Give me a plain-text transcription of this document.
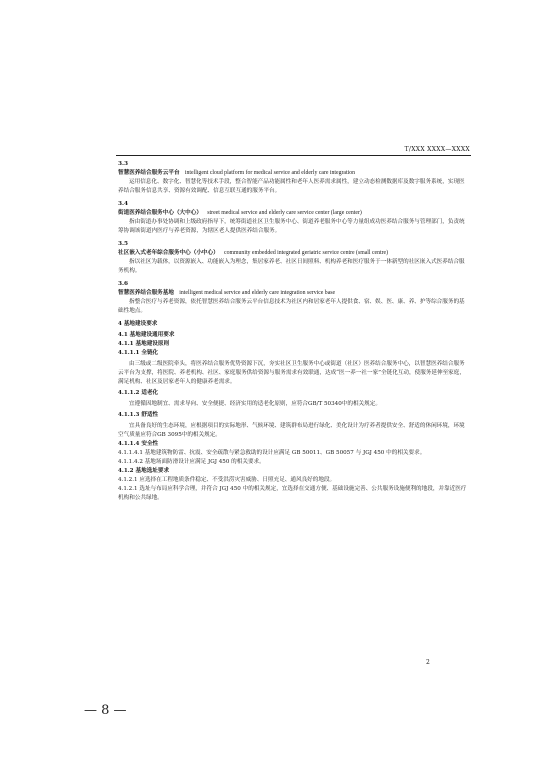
T/XXX XXXX—XXXX

3.3

智慧医养结合服务云平台 intelligent cloud platform for medical service and elderly care integration

运用信息化、数字化、智慧化等技术手段，整合智能产品功能属性和老年人医养需求属性，建立动态检测数据库及数字服务系统，实现医养结合服务信息共享、资源有效调配、信息互联互通的服务平台。

3.4

街道医养结合服务中心（大中心） street medical service and elderly care service center (large center)

指由街道办事处协调和上级政府指导下，统筹街道社区卫生服务中心、街道养老服务中心等力量组成功医养结合服务与管理部门，负责统筹协调该街道内医疗与养老资源，为辖区老人提供医养结合服务。

3.5

社区嵌入式老年综合服务中心（小中心） community embedded integrated geriatric service centre (small centre)

指以社区为载体，以资源嵌入、功能嵌入为理念，集居家养老、社区日间照料、机构养老和医疗服务于一体新型的社区嵌入式医养结合服务机构。

3.6

智慧医养结合服务基地 intelligent medical service and elderly care integration service base

指整合医疗与养老资源，依托智慧医养结合服务云平台信息技术为社区内和居家老年人提供食、宿、娱、医、康、养、护等综合服务的基础性地点。

4 基地建设要求

4.1 基地建设通用要求

4.1.1 基地建设原则

4.1.1.1 全链化

由三级或二级医院牵头，将医养结合服务优势资源下沉，夯实社区卫生服务中心或街道（社区）医养结合服务中心，以智慧医养结合服务云平台为支撑，将医院、养老机构、社区、家庭服务供给资源与服务需求有效联通，达成“医一养一社一家”全链化互动，使服务延伸至家庭，满足机构、社区及居家老年人的健康养老需求。

4.1.1.2 适老化

宜遵循因地制宜、需求导向、安全便捷、经济实用的适老化原则，应符合GB/T 50340中的相关规定。

4.1.1.3 舒适性

宜具备良好的生态环境，应根据项目的实际地形、气候环境、建筑群布局进行绿化、美化设计为疗养者提供安全、舒适的休闲环境，环境空气质量应符合GB 3095中的相关规定。

4.1.1.4 安全性

4.1.1.4.1 基地建筑物防雷、抗震、安全疏散与紧急救助的设计应满足 GB 50011、GB 50057 与 JGJ 450 中的相关要求。

4.1.1.4.2 基地场面防滑设计应满足 JGJ 450 的相关要求。

4.1.2 基地选址要求

4.1.2.1 应选择在工程地质条件稳定、不受洪涝灾害威胁、日照充足、通风良好的地段。

4.1.2.1 选址与布局应科学合理，并符合 JGJ 450 中的相关规定，宜选择在交通方便、基础设施完善、公共服务设施便利的地段，并靠近医疗机构和公共绿地。

2
— 8 —
